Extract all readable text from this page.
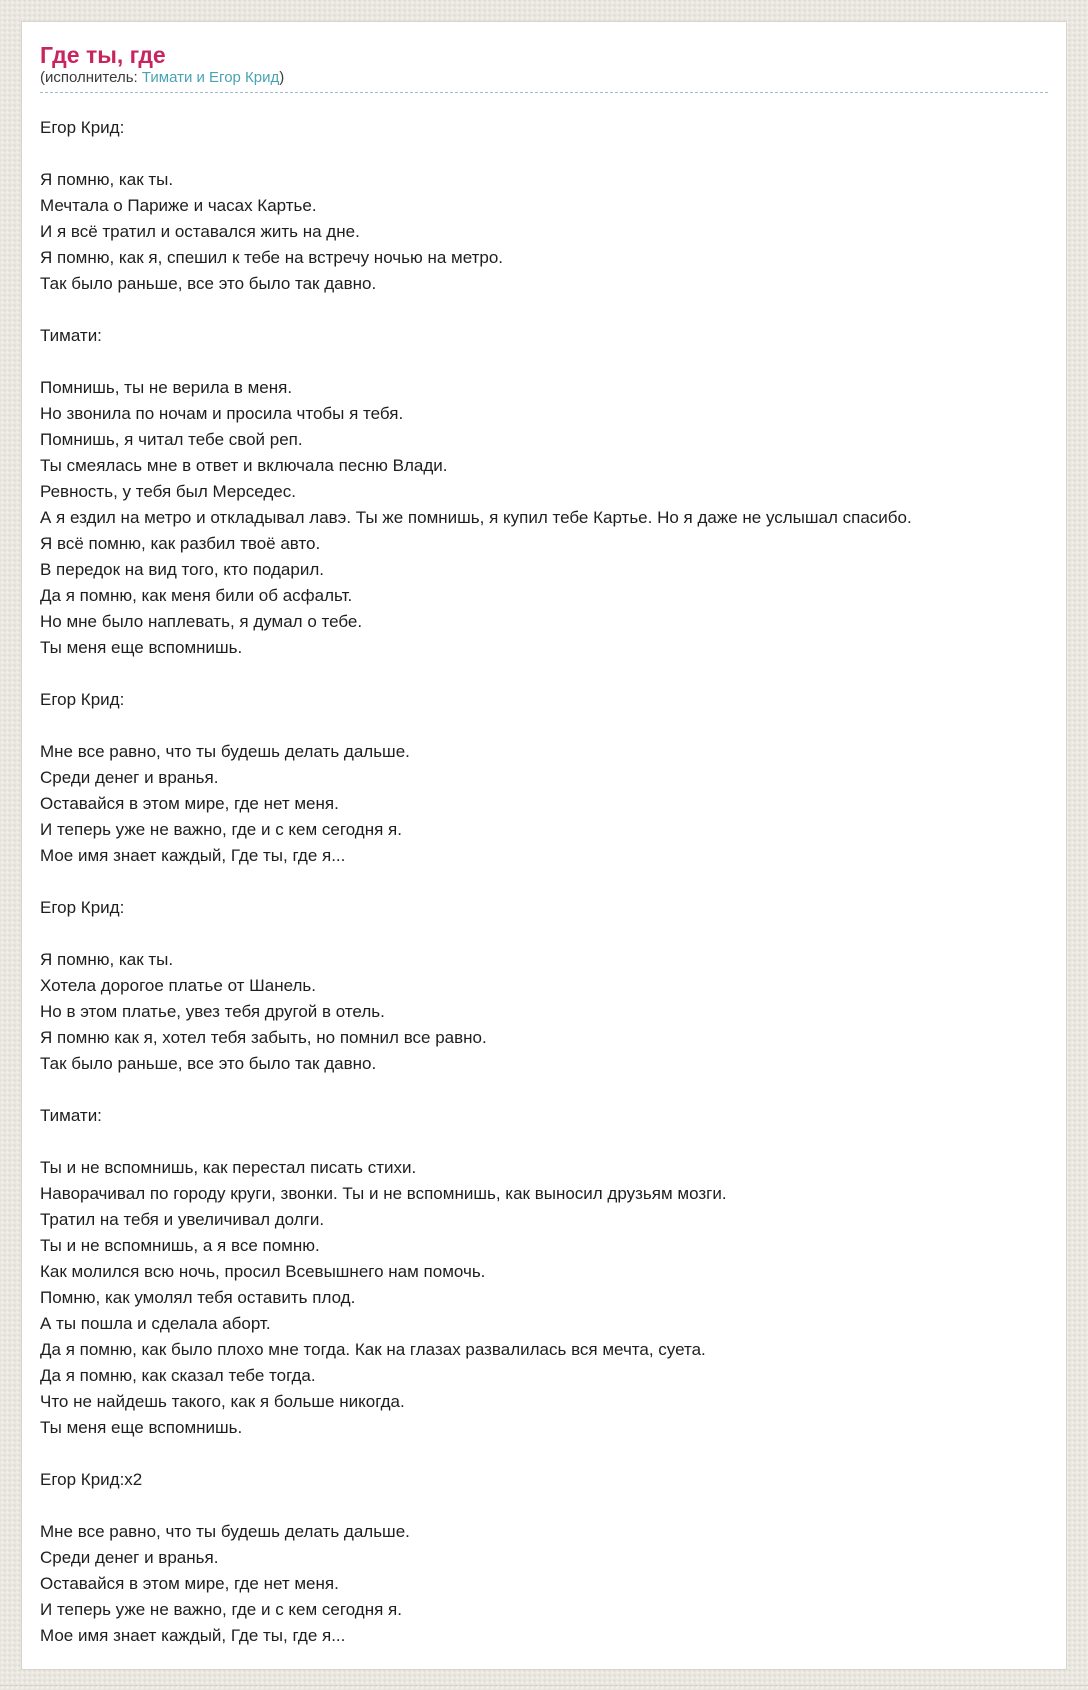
Где ты, где
(исполнитель: Тимати и Егор Крид)
Егор Крид:
Я помню, как ты.
Мечтала о Париже и часах Картье.
И я всё тратил и оставался жить на дне.
Я помню, как я, спешил к тебе на встречу ночью на метро.
Так было раньше, все это было так давно.
Тимати:
Помнишь, ты не верила в меня.
Но звонила по ночам и просила чтобы я тебя.
Помнишь, я читал тебе свой реп.
Ты смеялась мне в ответ и включала песню Влади.
Ревность, у тебя был Мерседес.
А я ездил на метро и откладывал лавэ. Ты же помнишь, я купил тебе Картье. Но я даже не услышал спасибо.
Я всё помню, как разбил твоё авто.
В передок на вид того, кто подарил.
Да я помню, как меня били об асфальт.
Но мне было наплевать, я думал о тебе.
Ты меня еще вспомнишь.
Егор Крид:
Мне все равно, что ты будешь делать дальше.
Среди денег и вранья.
Оставайся в этом мире, где нет меня.
И теперь уже не важно, где и с кем сегодня я.
Мое имя знает каждый, Где ты, где я...
Егор Крид:
Я помню, как ты.
Хотела дорогое платье от Шанель.
Но в этом платье, увез тебя другой в отель.
Я помню как я, хотел тебя забыть, но помнил все равно.
Так было раньше, все это было так давно.
Тимати:
Ты и не вспомнишь, как перестал писать стихи.
Наворачивал по городу круги, звонки. Ты и не вспомнишь, как выносил друзьям мозги.
Тратил на тебя и увеличивал долги.
Ты и не вспомнишь, а я все помню.
Как молился всю ночь, просил Всевышнего нам помочь.
Помню, как умолял тебя оставить плод.
А ты пошла и сделала аборт.
Да я помню, как было плохо мне тогда. Как на глазах развалилась вся мечта, суета.
Да я помню, как сказал тебе тогда.
Что не найдешь такого, как я больше никогда.
Ты меня еще вспомнишь.
Егор Крид:x2
Мне все равно, что ты будешь делать дальше.
Среди денег и вранья.
Оставайся в этом мире, где нет меня.
И теперь уже не важно, где и с кем сегодня я.
Мое имя знает каждый, Где ты, где я...
